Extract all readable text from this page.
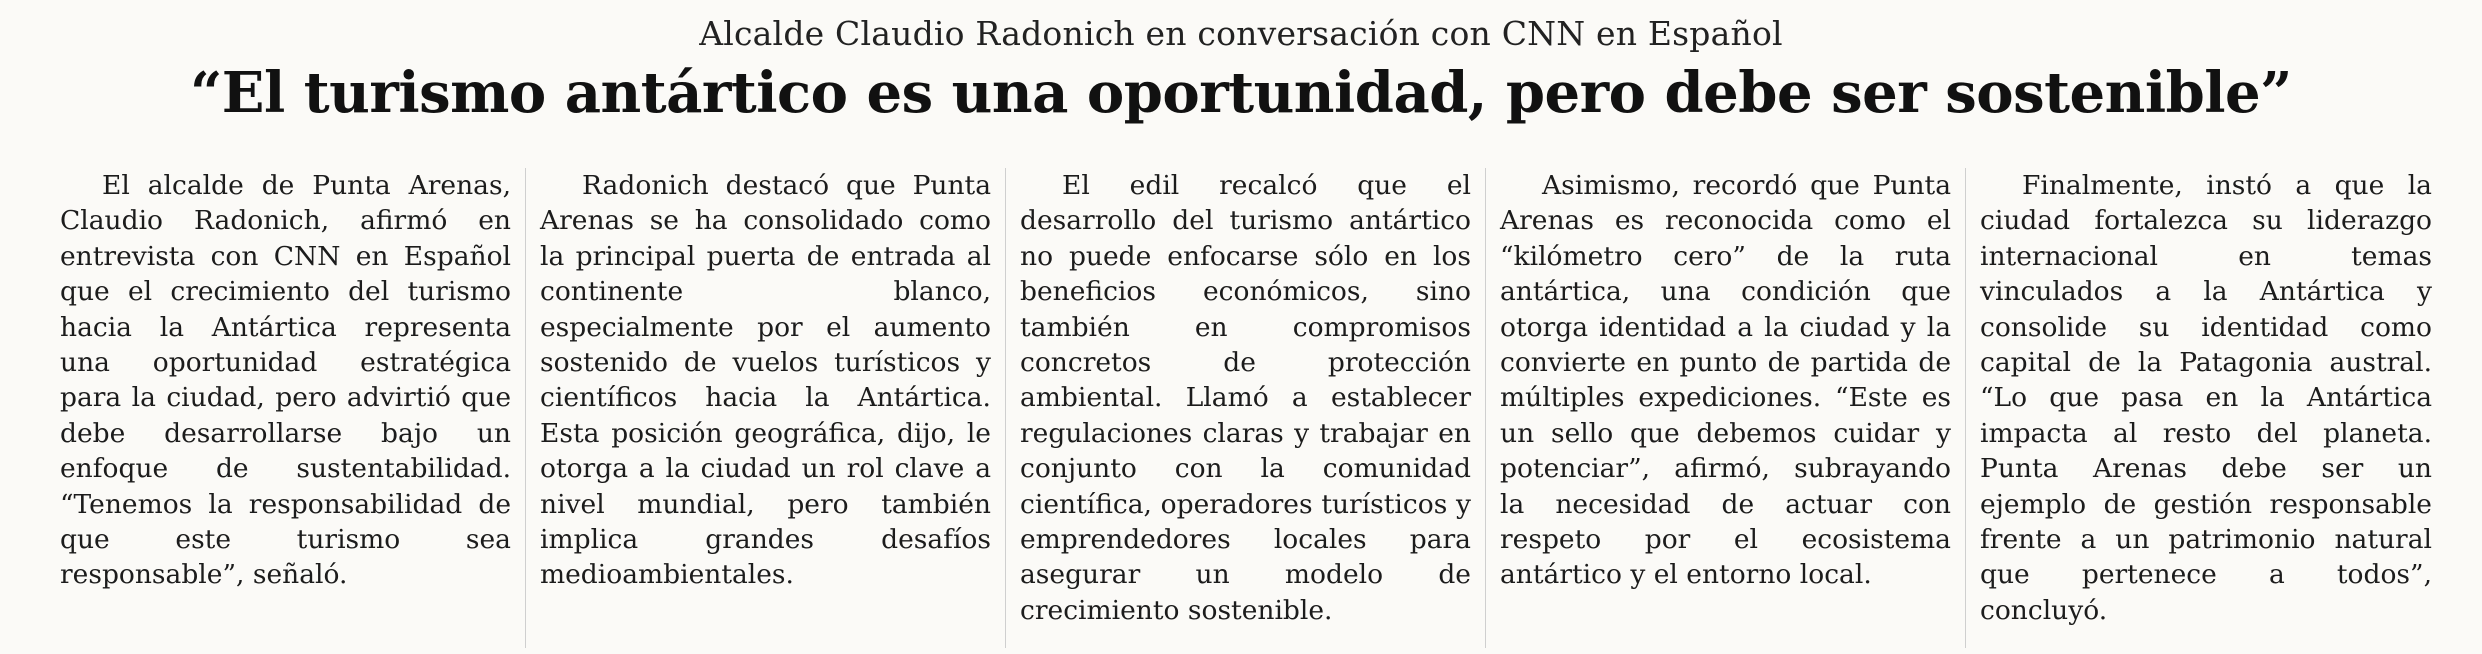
Alcalde Claudio Radonich en conversación con CNN en Español
“El turismo antártico es una oportunidad, pero debe ser sostenible”

El alcalde de Punta Arenas, Claudio Radonich, afirmó en entrevista con CNN en Español que el crecimiento del turismo hacia la Antártica representa una oportunidad estratégica para la ciudad, pero advirtió que debe desarrollarse bajo un enfoque de sustentabilidad. “Tenemos la responsabilidad de que este turismo sea responsable”, señaló.

Radonich destacó que Punta Arenas se ha consolidado como la principal puerta de entrada al continente blanco, especialmente por el aumento sostenido de vuelos turísticos y científicos hacia la Antártica. Esta posición geográfica, dijo, le otorga a la ciudad un rol clave a nivel mundial, pero también implica grandes desafíos medioambientales.

El edil recalcó que el desarrollo del turismo antártico no puede enfocarse sólo en los beneficios económicos, sino también en compromisos concretos de protección ambiental. Llamó a establecer regulaciones claras y trabajar en conjunto con la comunidad científica, operadores turísticos y emprendedores locales para asegurar un modelo de crecimiento sostenible.

Asimismo, recordó que Punta Arenas es reconocida como el “kilómetro cero” de la ruta antártica, una condición que otorga identidad a la ciudad y la convierte en punto de partida de múltiples expediciones. “Este es un sello que debemos cuidar y potenciar”, afirmó, subrayando la necesidad de actuar con respeto por el ecosistema antártico y el entorno local.

Finalmente, instó a que la ciudad fortalezca su liderazgo internacional en temas vinculados a la Antártica y consolide su identidad como capital de la Patagonia austral. “Lo que pasa en la Antártica impacta al resto del planeta. Punta Arenas debe ser un ejemplo de gestión responsable frente a un patrimonio natural que pertenece a todos”, concluyó.
